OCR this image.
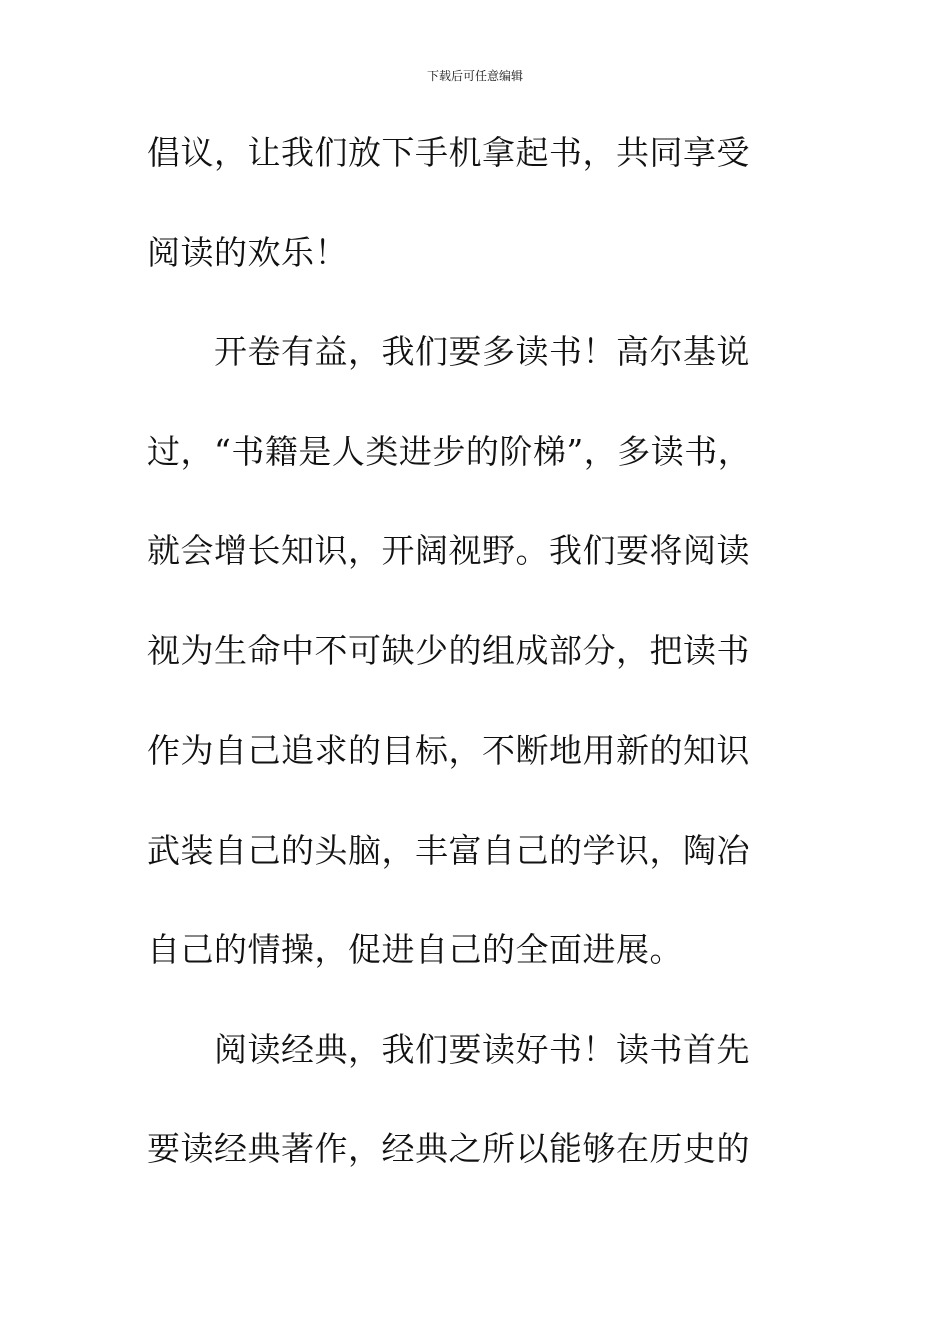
下载后可任意编辑
倡议，让我们放下手机拿起书，共同享受
阅读的欢乐！
开卷有益，我们要多读书！高尔基说
过，“书籍是人类进步的阶梯”，多读书，
就会增长知识，开阔视野。我们要将阅读
视为生命中不可缺少的组成部分，把读书
作为自己追求的目标，不断地用新的知识
武装自己的头脑，丰富自己的学识，陶冶
自己的情操，促进自己的全面进展。
阅读经典，我们要读好书！读书首先
要读经典著作，经典之所以能够在历史的
